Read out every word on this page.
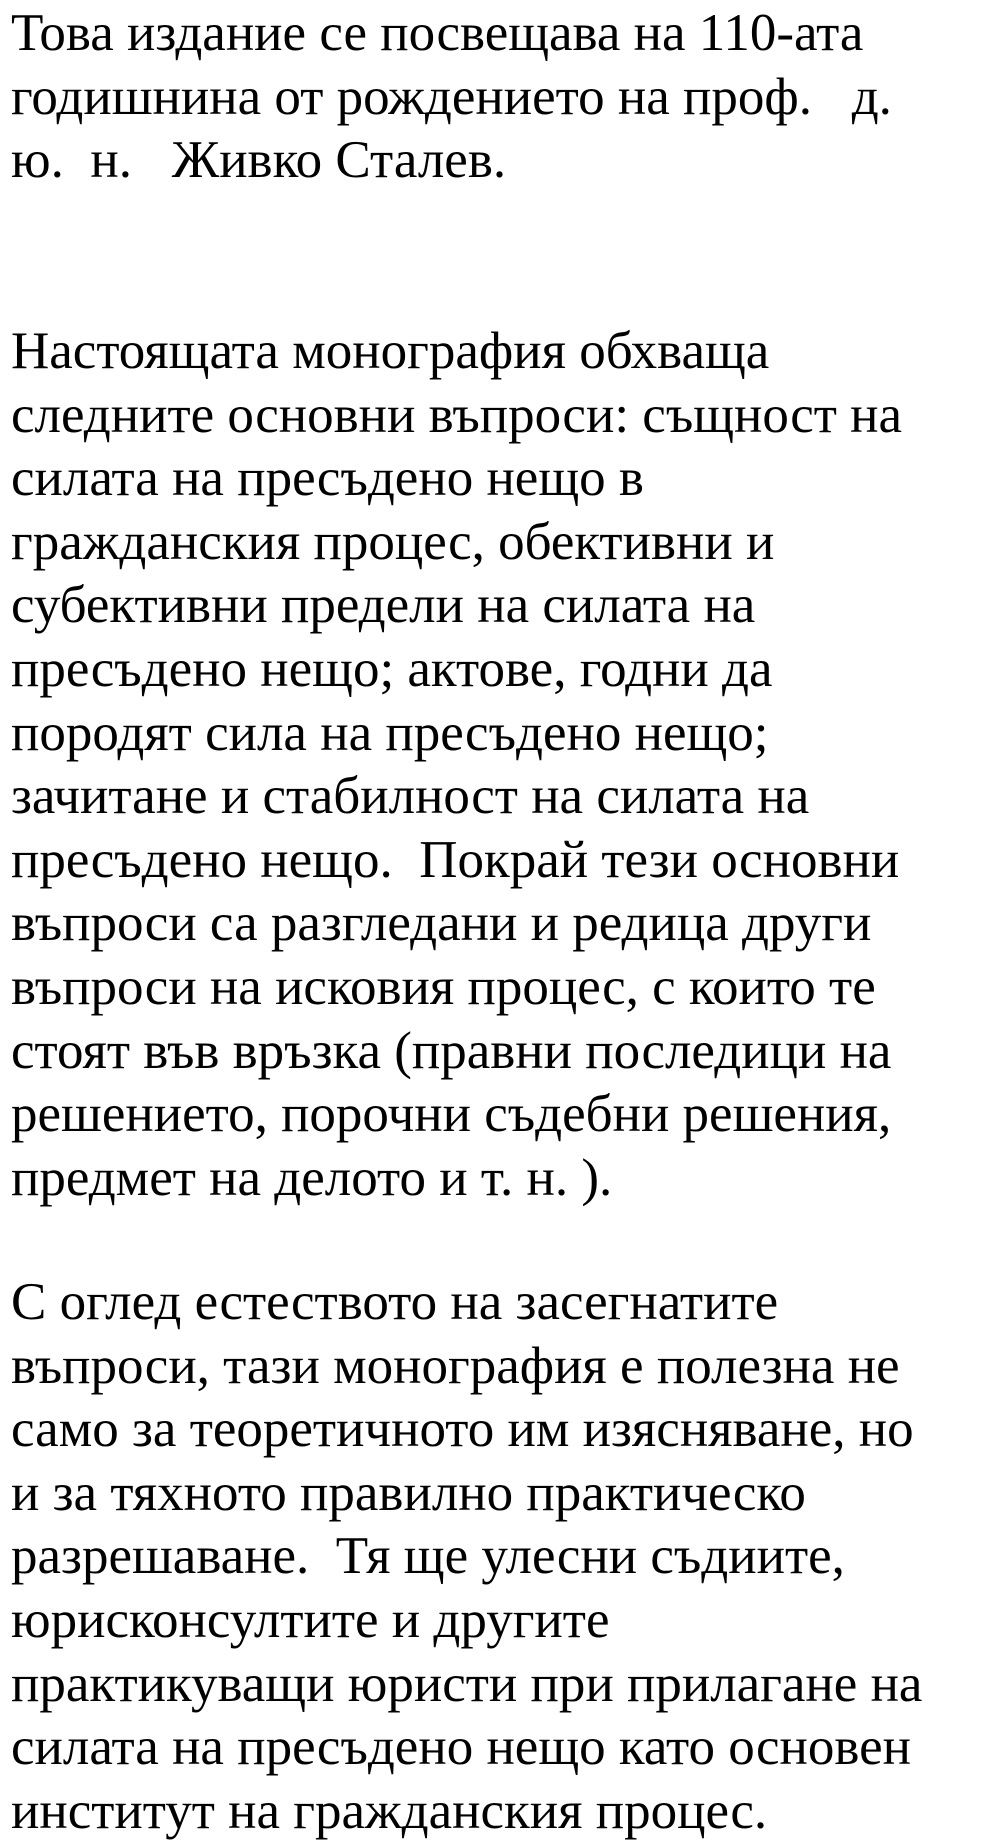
Това издание се посвещава на 110-ата
годишнина от рождението на проф.   д.
ю.  н.   Живко Сталев.
Настоящата монография обхваща
следните основни въпроси: същност на
силата на пресъдено нещо в
гражданския процес, обективни и
субективни предели на силата на
пресъдено нещо; актове, годни да
породят сила на пресъдено нещо;
зачитане и стабилност на силата на
пресъдено нещо.  Покрай тези основни
въпроси са разгледани и редица други
въпроси на исковия процес, с които те
стоят във връзка (правни последици на
решението, порочни съдебни решения,
предмет на делото и т. н. ).
С оглед естеството на засегнатите
въпроси, тази монография е полезна не
само за теоретичното им изясняване, но
и за тяхното правилно практическо
разрешаване.  Тя ще улесни съдиите,
юрисконсултите и другите
практикуващи юристи при прилагане на
силата на пресъдено нещо като основен
институт на гражданския процес.
